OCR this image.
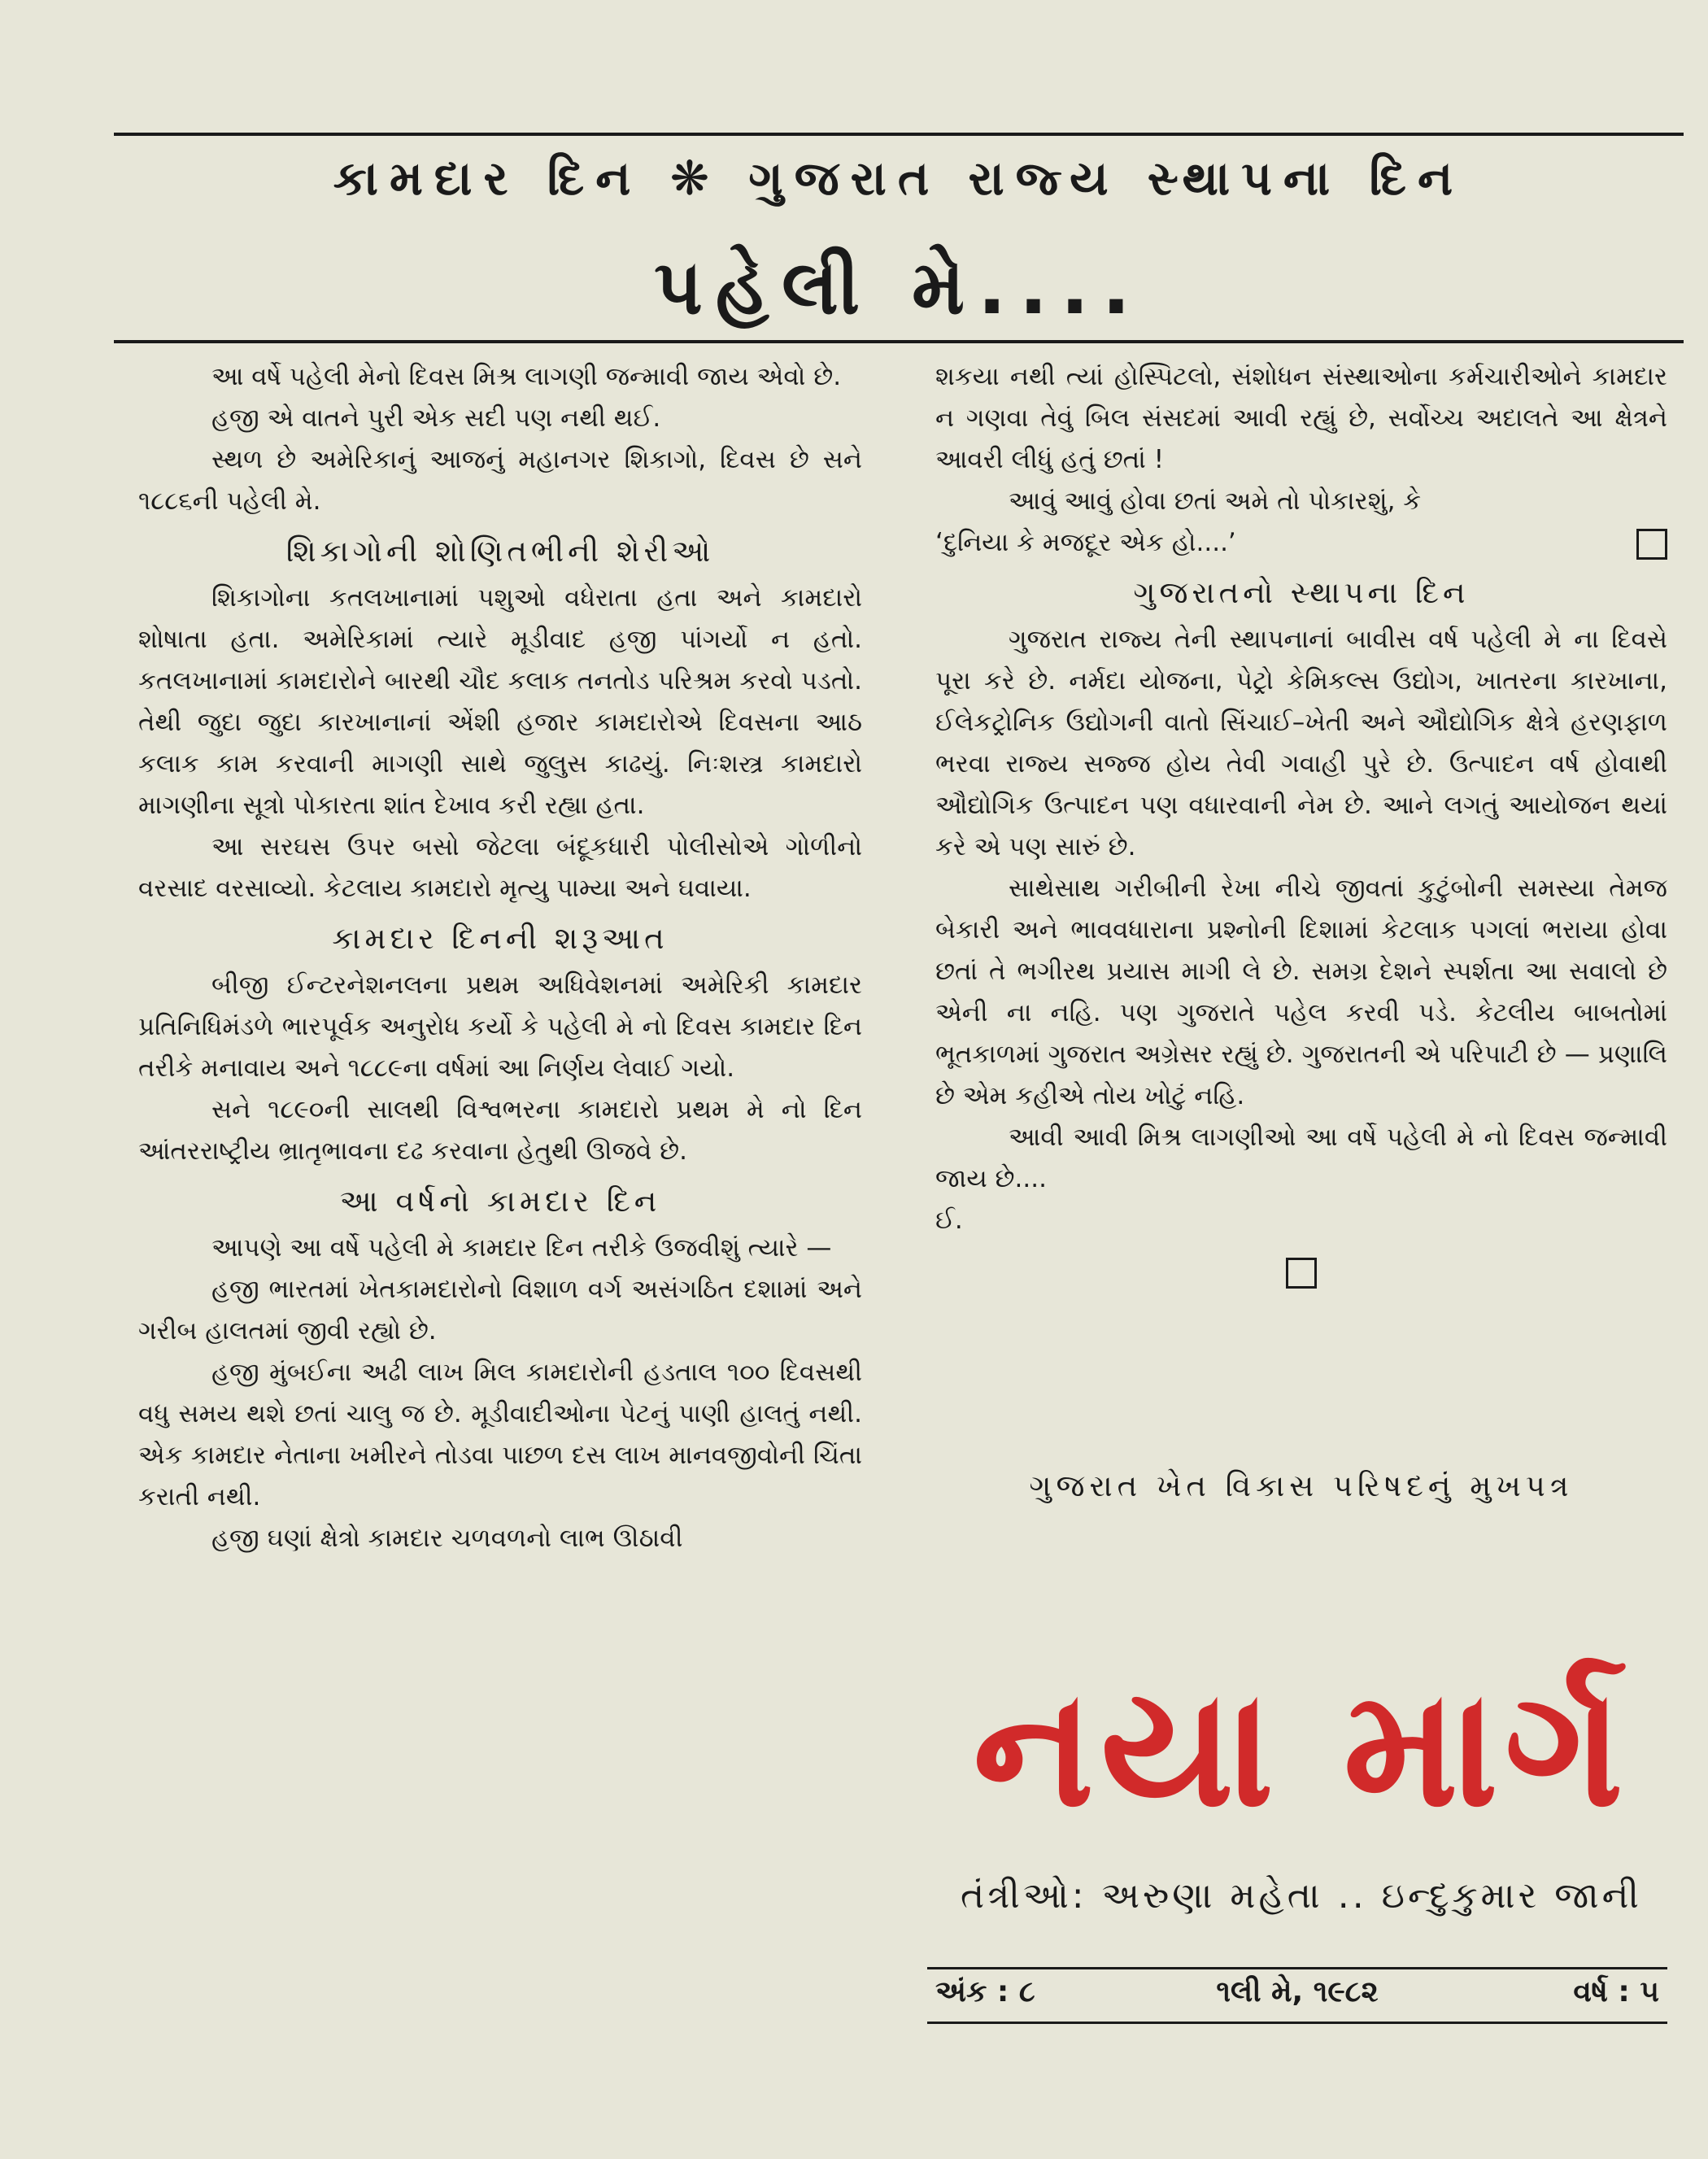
કામદાર દિન ❋ ગુજરાત રાજ્ય સ્થાપના દિન
પહેલી મે....

આ વર્ષે પહેલી મેનો દિવસ મિશ્ર લાગણી જન્માવી જાય એવો છે.

હજી એ વાતને પુરી એક સદી પણ નથી થઈ.

સ્થળ છે અમેરિકાનું આજનું મહાનગર શિકાગો, દિવસ છે સને ૧૮૮૬ની પહેલી મે.

શિકાગોની શોણિતભીની શેરીઓ

શિકાગોના કતલખાનામાં પશુઓ વધેરાતા હતા અને કામદારો શોષાતા હતા. અમેરિકામાં ત્યારે મૂડીવાદ હજી પાંગર્યો ન હતો. કતલખાનામાં કામદારોને બારથી ચૌદ કલાક તનતોડ પરિશ્રમ કરવો પડતો. તેથી જુદા જુદા કારખાનાનાં એંશી હજાર કામદારોએ દિવસના આઠ કલાક કામ કરવાની માગણી સાથે જુલુસ કાઢયું. નિઃશસ્ત્ર કામદારો માગણીના સૂત્રો પોકારતા શાંત દેખાવ કરી રહ્યા હતા.

આ સરઘસ ઉપર બસો જેટલા બંદૂકધારી પોલીસોએ ગોળીનો વરસાદ વરસાવ્યો. કેટલાય કામદારો મૃત્યુ પામ્યા અને ઘવાયા.

કામદાર દિનની શરૂઆત

બીજી ઈન્ટરનેશનલના પ્રથમ અધિવેશનમાં અમેરિકી કામદાર પ્રતિનિધિમંડળે ભારપૂર્વક અનુરોધ કર્યો કે પહેલી મે નો દિવસ કામદાર દિન તરીકે મનાવાય અને ૧૮૮૯ના વર્ષમાં આ નિર્ણય લેવાઈ ગયો.

સને ૧૮૯૦ની સાલથી વિશ્વભરના કામદારો પ્રથમ મે નો દિન આંતરરાષ્ટ્રીય ભ્રાતૃભાવના દઢ કરવાના હેતુથી ઊજવે છે.

આ વર્ષનો કામદાર દિન

આપણે આ વર્ષે પહેલી મે કામદાર દિન તરીકે ઉજવીશું ત્યારે —

હજી ભારતમાં ખેતકામદારોનો વિશાળ વર્ગ અસંગઠિત દશામાં અને ગરીબ હાલતમાં જીવી રહ્યો છે.

હજી મુંબઈના અઢી લાખ મિલ કામદારોની હડતાલ ૧૦૦ દિવસથી વધુ સમય થશે છતાં ચાલુ જ છે. મૂડીવાદીઓના પેટનું પાણી હાલતું નથી. એક કામદાર નેતાના ખમીરને તોડવા પાછળ દસ લાખ માનવજીવોની ચિંતા કરાતી નથી.

હજી ઘણાં ક્ષેત્રો કામદાર ચળવળનો લાભ ઊઠાવી

શકયા નથી ત્યાં હોસ્પિટલો, સંશોધન સંસ્થાઓના કર્મચારીઓને કામદાર ન ગણવા તેવું બિલ સંસદમાં આવી રહ્યું છે, સર્વોચ્ચ અદાલતે આ ક્ષેત્રને આવરી લીધું હતું છતાં !

આવું આવું હોવા છતાં અમે તો પોકારશું, કે

‘દુનિયા કે મજદૂર એક હો....’

ગુજરાતનો સ્થાપના દિન

ગુજરાત રાજ્ય તેની સ્થાપનાનાં બાવીસ વર્ષ પહેલી મે ના દિવસે પૂરા કરે છે. નર્મદા યોજના, પેટ્રો કેમિકલ્સ ઉદ્યોગ, ખાતરના કારખાના, ઈલેકટ્રોનિક ઉદ્યોગની વાતો સિંચાઈ–ખેતી અને ઔદ્યોગિક ક્ષેત્રે હરણફાળ ભરવા રાજ્ય સજ્જ હોય તેવી ગવાહી પુરે છે. ઉત્પાદન વર્ષ હોવાથી ઔદ્યોગિક ઉત્પાદન પણ વધારવાની નેમ છે. આને લગતું આયોજન થયાં કરે એ પણ સારું છે.

સાથેસાથ ગરીબીની રેખા નીચે જીવતાં કુટુંબોની સમસ્યા તેમજ બેકારી અને ભાવવધારાના પ્રશ્નોની દિશામાં કેટલાક પગલાં ભરાયા હોવા છતાં તે ભગીરથ પ્રયાસ માગી લે છે. સમગ્ર દેશને સ્પર્શતા આ સવાલો છે એની ના નહિ. પણ ગુજરાતે પહેલ કરવી પડે. કેટલીય બાબતોમાં ભૂતકાળમાં ગુજરાત અગ્રેસર રહ્યું છે. ગુજરાતની એ પરિપાટી છે — પ્રણાલિ છે એમ કહીએ તોય ખોટું નહિ.

આવી આવી મિશ્ર લાગણીઓ આ વર્ષે પહેલી મે નો દિવસ જન્માવી જાય છે....

ઈ.

ગુજરાત ખેત વિકાસ પરિષદનું મુખપત્ર
નયા માર્ગ
તંત્રીઓ: અરુણા મહેતા .. ઇન્દુકુમાર જાની
અંક : ૮	૧લી મે, ૧૯૮૨	વર્ષ : ૫
